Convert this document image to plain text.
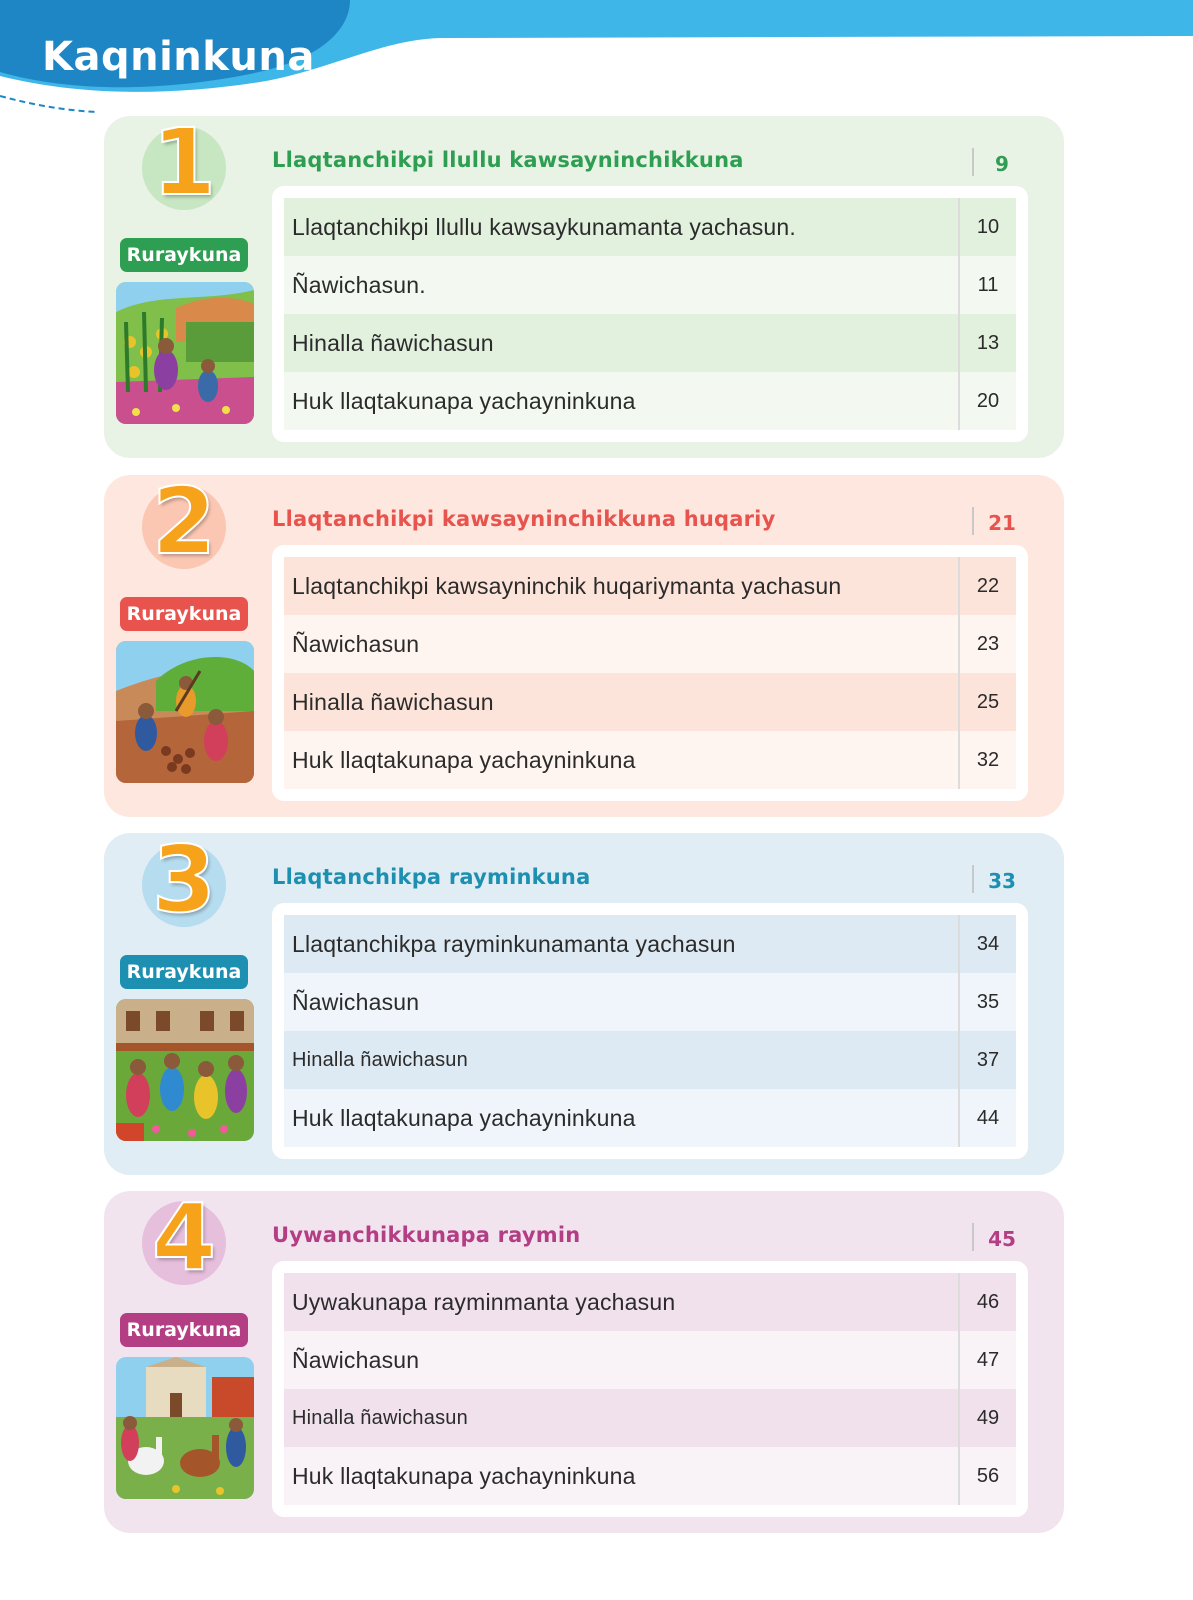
Kaqninkuna
1
Ruraykuna
Llaqtanchikpi llullu kawsayninchikkuna	9
Llaqtanchikpi llullu kawsaykunamanta yachasun.	10
Ñawichasun.	11
Hinalla ñawichasun	13
Huk llaqtakunapa yachayninkuna	20
2
Ruraykuna
Llaqtanchikpi kawsayninchikkuna huqariy	21
Llaqtanchikpi kawsayninchik huqariymanta yachasun	22
Ñawichasun	23
Hinalla ñawichasun	25
Huk llaqtakunapa yachayninkuna	32
3
Ruraykuna
Llaqtanchikpa rayminkuna	33
Llaqtanchikpa rayminkunamanta yachasun	34
Ñawichasun	35
Hinalla ñawichasun	37
Huk llaqtakunapa yachayninkuna	44
4
Ruraykuna
Uywanchikkunapa raymin	45
Uywakunapa rayminmanta yachasun	46
Ñawichasun	47
Hinalla ñawichasun	49
Huk llaqtakunapa yachayninkuna	56
